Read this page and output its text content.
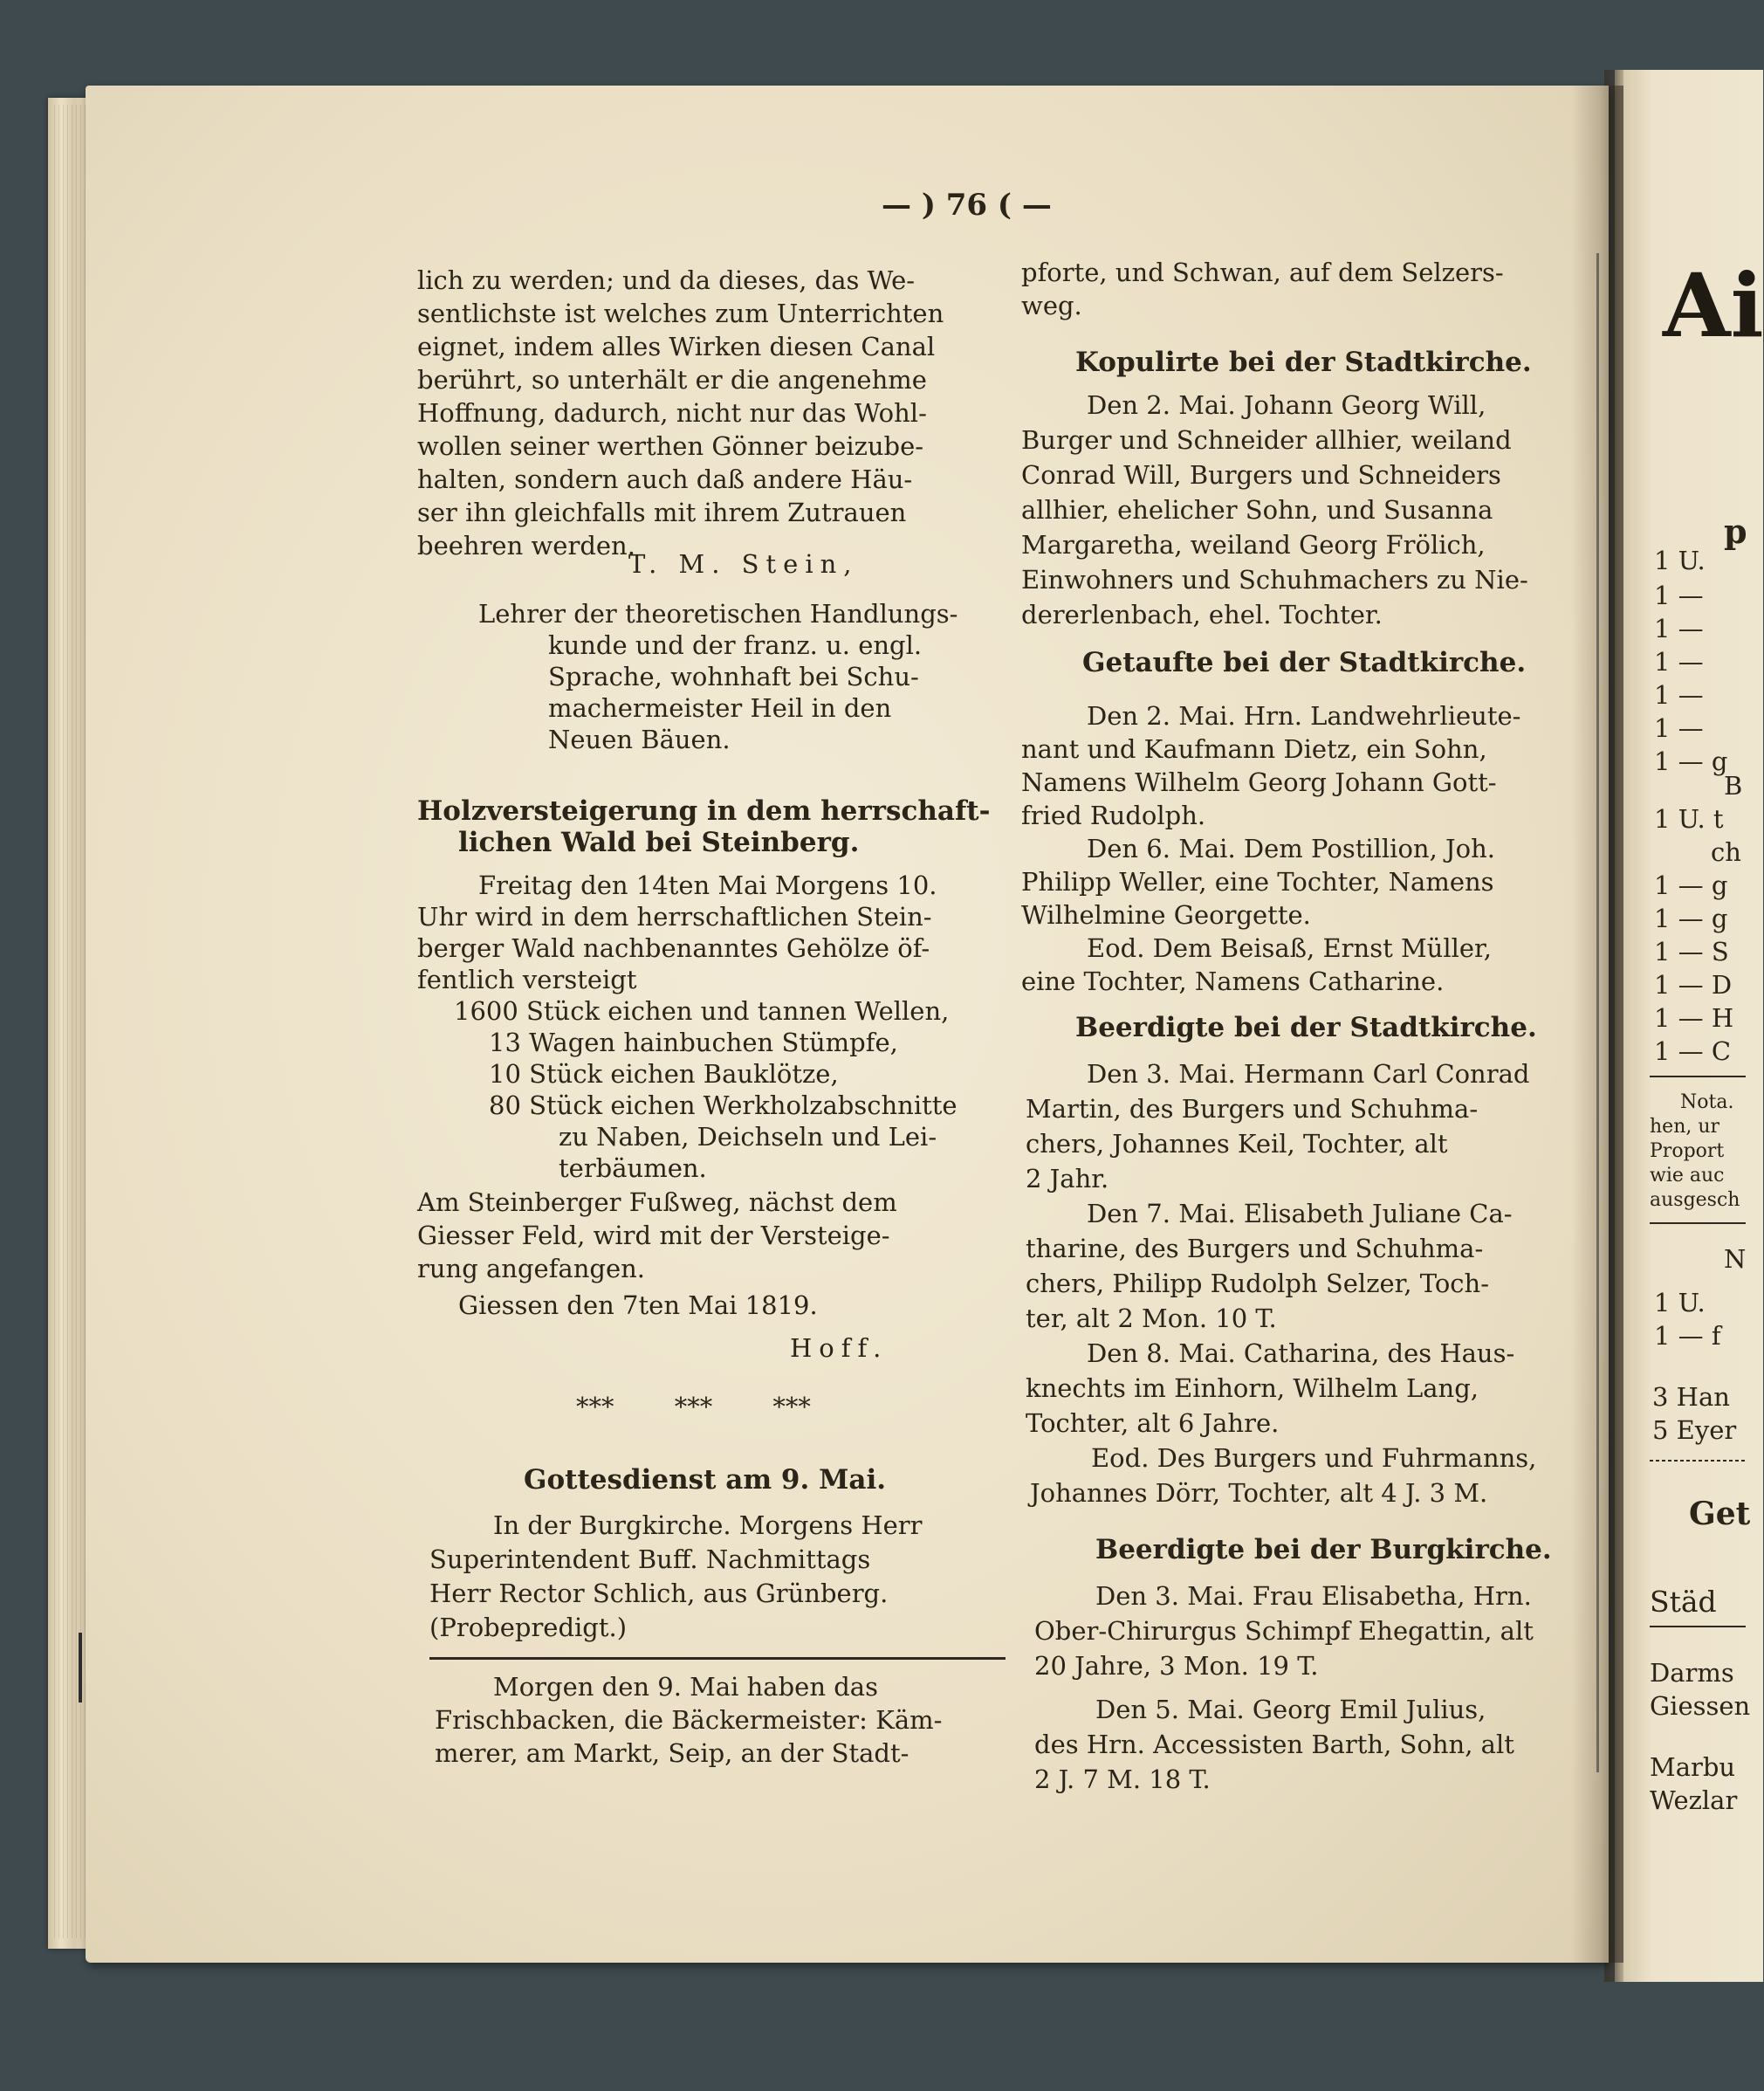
— ) 76 ( —
lich zu werden; und da dieses, das We-
sentlichste ist welches zum Unterrichten
eignet, indem alles Wirken diesen Canal
berührt, so unterhält er die angenehme
Hoffnung, dadurch, nicht nur das Wohl-
wollen seiner werthen Gönner beizube-
halten, sondern auch daß andere Häu-
ser ihn gleichfalls mit ihrem Zutrauen
beehren werden.
T. M. Stein,
Lehrer der theoretischen Handlungs-
kunde und der franz. u. engl.
Sprache, wohnhaft bei Schu-
machermeister Heil in den
Neuen Bäuen.
Holzversteigerung in dem herrschaft-
lichen Wald bei Steinberg.
Freitag den 14ten Mai Morgens 10.
Uhr wird in dem herrschaftlichen Stein-
berger Wald nachbenanntes Gehölze öf-
fentlich versteigt
1600 Stück eichen und tannen Wellen,
13 Wagen hainbuchen Stümpfe,
10 Stück eichen Bauklötze,
80 Stück eichen Werkholzabschnitte
zu Naben, Deichseln und Lei-
terbäumen.
Am Steinberger Fußweg, nächst dem
Giesser Feld, wird mit der Versteige-
rung angefangen.
Giessen den 7ten Mai 1819.
Hoff.
*** *** ***
Gottesdienst am 9. Mai.
In der Burgkirche. Morgens Herr
Superintendent Buff. Nachmittags
Herr Rector Schlich, aus Grünberg.
(Probepredigt.)
Morgen den 9. Mai haben das
Frischbacken, die Bäckermeister: Käm-
merer, am Markt, Seip, an der Stadt-
pforte, und Schwan, auf dem Selzers-
weg.
Kopulirte bei der Stadtkirche.
Den 2. Mai. Johann Georg Will,
Burger und Schneider allhier, weiland
Conrad Will, Burgers und Schneiders
allhier, ehelicher Sohn, und Susanna
Margaretha, weiland Georg Frölich,
Einwohners und Schuhmachers zu Nie-
dererlenbach, ehel. Tochter.
Getaufte bei der Stadtkirche.
Den 2. Mai. Hrn. Landwehrlieute-
nant und Kaufmann Dietz, ein Sohn,
Namens Wilhelm Georg Johann Gott-
fried Rudolph.
Den 6. Mai. Dem Postillion, Joh.
Philipp Weller, eine Tochter, Namens
Wilhelmine Georgette.
Eod. Dem Beisaß, Ernst Müller,
eine Tochter, Namens Catharine.
Beerdigte bei der Stadtkirche.
Den 3. Mai. Hermann Carl Conrad
Martin, des Burgers und Schuhma-
chers, Johannes Keil, Tochter, alt
2 Jahr.
Den 7. Mai. Elisabeth Juliane Ca-
tharine, des Burgers und Schuhma-
chers, Philipp Rudolph Selzer, Toch-
ter, alt 2 Mon. 10 T.
Den 8. Mai. Catharina, des Haus-
knechts im Einhorn, Wilhelm Lang,
Tochter, alt 6 Jahre.
Eod. Des Burgers und Fuhrmanns,
Johannes Dörr, Tochter, alt 4 J. 3 M.
Beerdigte bei der Burgkirche.
Den 3. Mai. Frau Elisabetha, Hrn.
Ober-Chirurgus Schimpf Ehegattin, alt
20 Jahre, 3 Mon. 19 T.
Den 5. Mai. Georg Emil Julius,
des Hrn. Accessisten Barth, Sohn, alt
2 J. 7 M. 18 T.
Ai
p
1 U.
1 —
1 —
1 —
1 —
1 —
1 — g
B
1 U. t
ch
1 — g
1 — g
1 — S
1 — D
1 — H
1 — C
Nota.
hen, ur
Proport
wie auc
ausgesch
N
1 U.
1 — f
3 Han
5 Eyer
Get
Städ
Darms
Giessen
Marbu
Wezlar
